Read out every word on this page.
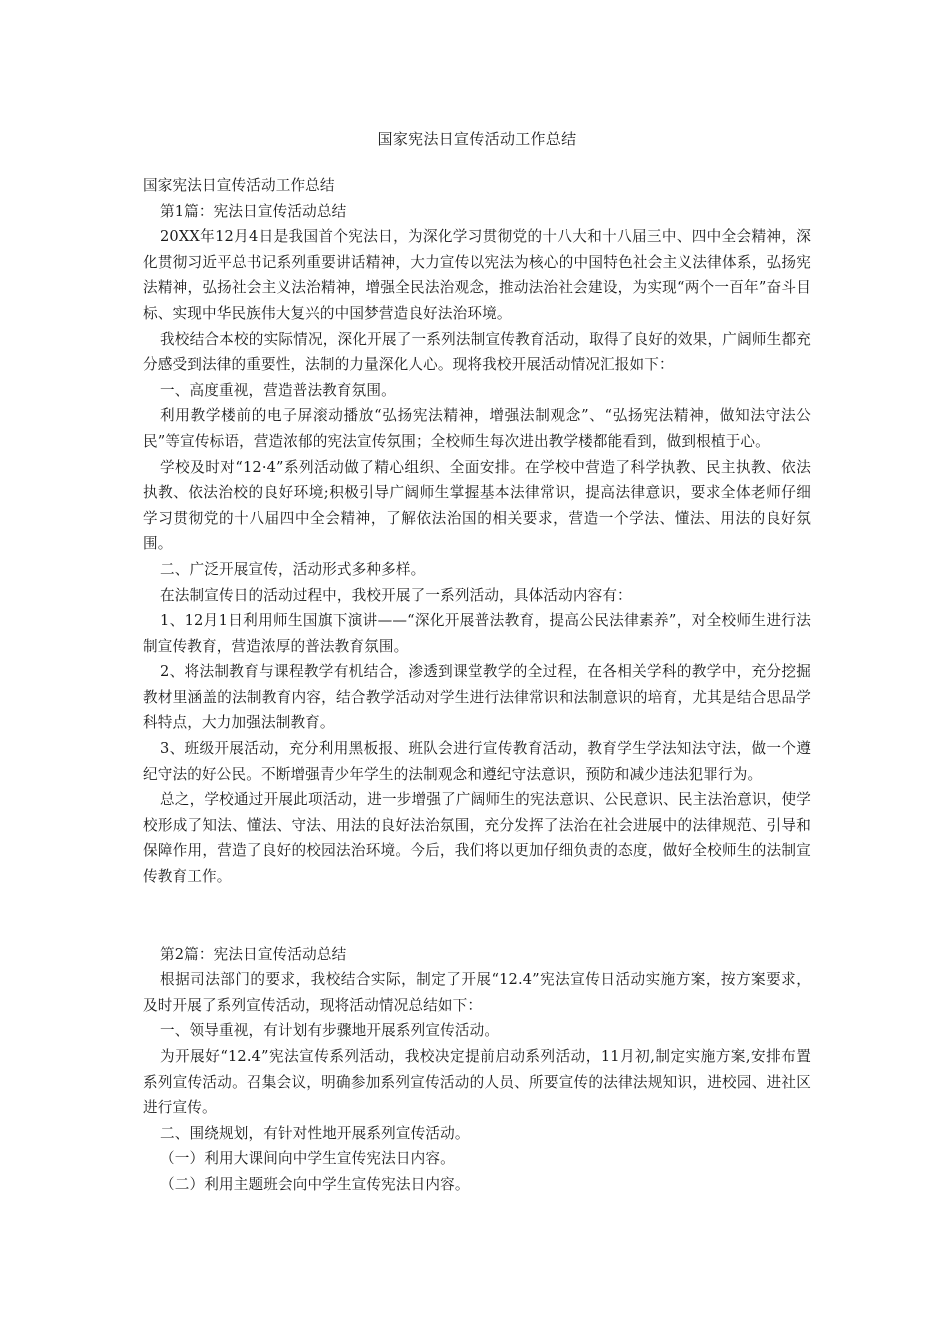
国家宪法日宣传活动工作总结

国家宪法日宣传活动工作总结

第1篇：宪法日宣传活动总结

20XX年12月4日是我国首个宪法日，为深化学习贯彻党的十八大和十八届三中、四中全会精神，深化贯彻习近平总书记系列重要讲话精神，大力宣传以宪法为核心的中国特色社会主义法律体系，弘扬宪法精神，弘扬社会主义法治精神，增强全民法治观念，推动法治社会建设，为实现“两个一百年”奋斗目标、实现中华民族伟大复兴的中国梦营造良好法治环境。

我校结合本校的实际情况，深化开展了一系列法制宣传教育活动，取得了良好的效果，广阔师生都充分感受到法律的重要性，法制的力量深化人心。现将我校开展活动情况汇报如下：

一、高度重视，营造普法教育氛围。

利用教学楼前的电子屏滚动播放“弘扬宪法精神，增强法制观念”、“弘扬宪法精神，做知法守法公民”等宣传标语，营造浓郁的宪法宣传氛围；全校师生每次进出教学楼都能看到，做到根植于心。

学校及时对“12·4”系列活动做了精心组织、全面安排。在学校中营造了科学执教、民主执教、依法执教、依法治校的良好环境;积极引导广阔师生掌握基本法律常识，提高法律意识，要求全体老师仔细学习贯彻党的十八届四中全会精神，了解依法治国的相关要求，营造一个学法、懂法、用法的良好氛围。

二、广泛开展宣传，活动形式多种多样。

在法制宣传日的活动过程中，我校开展了一系列活动，具体活动内容有：

1、12月1日利用师生国旗下演讲——“深化开展普法教育，提高公民法律素养”，对全校师生进行法制宣传教育，营造浓厚的普法教育氛围。

2、将法制教育与课程教学有机结合，渗透到课堂教学的全过程，在各相关学科的教学中，充分挖掘教材里涵盖的法制教育内容，结合教学活动对学生进行法律常识和法制意识的培育，尤其是结合思品学科特点，大力加强法制教育。

3、班级开展活动，充分利用黑板报、班队会进行宣传教育活动，教育学生学法知法守法，做一个遵纪守法的好公民。不断增强青少年学生的法制观念和遵纪守法意识，预防和减少违法犯罪行为。

总之，学校通过开展此项活动，进一步增强了广阔师生的宪法意识、公民意识、民主法治意识，使学校形成了知法、懂法、守法、用法的良好法治氛围，充分发挥了法治在社会进展中的法律规范、引导和保障作用，营造了良好的校园法治环境。今后，我们将以更加仔细负责的态度，做好全校师生的法制宣传教育工作。

第2篇：宪法日宣传活动总结

根据司法部门的要求，我校结合实际，制定了开展“12.4”宪法宣传日活动实施方案，按方案要求，及时开展了系列宣传活动，现将活动情况总结如下：

一、领导重视，有计划有步骤地开展系列宣传活动。

为开展好“12.4”宪法宣传系列活动，我校决定提前启动系列活动，11月初,制定实施方案,安排布置系列宣传活动。召集会议，明确参加系列宣传活动的人员、所要宣传的法律法规知识，进校园、进社区进行宣传。

二、围绕规划，有针对性地开展系列宣传活动。

（一）利用大课间向中学生宣传宪法日内容。

（二）利用主题班会向中学生宣传宪法日内容。
